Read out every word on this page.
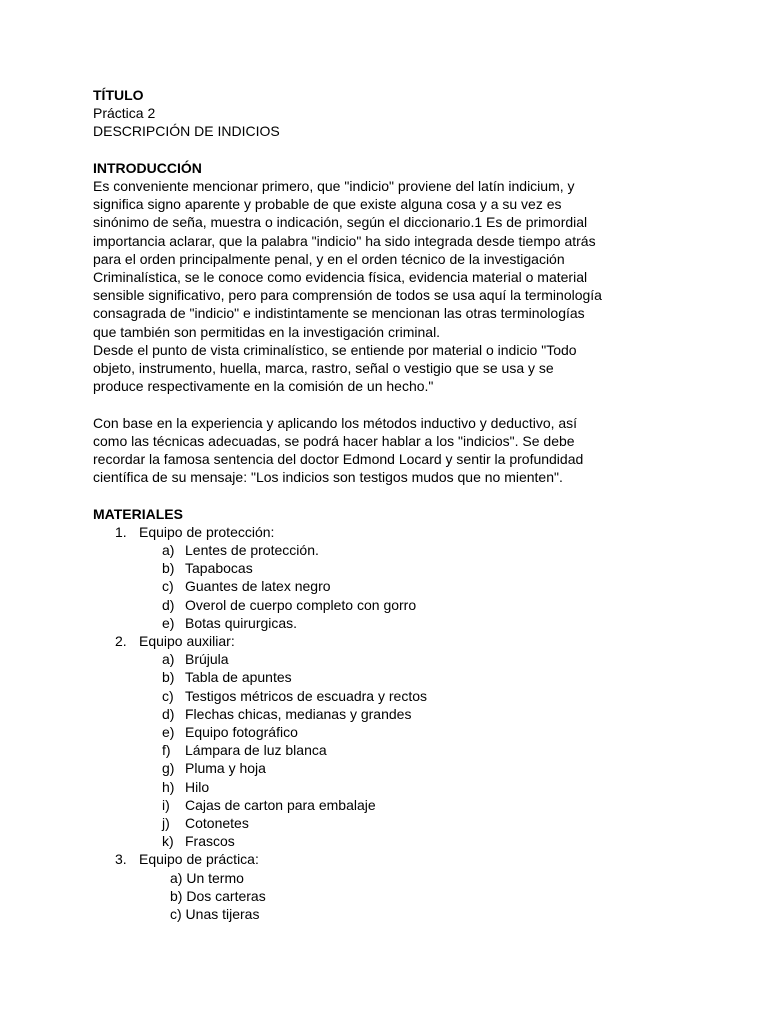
TÍTULO
Práctica 2
DESCRIPCIÓN DE INDICIOS
INTRODUCCIÓN
Es conveniente mencionar primero, que "indicio" proviene del latín indicium, y
significa signo aparente y probable de que existe alguna cosa y a su vez es
sinónimo de seña, muestra o indicación, según el diccionario.1 Es de primordial
importancia aclarar, que la palabra "indicio" ha sido integrada desde tiempo atrás
para el orden principalmente penal, y en el orden técnico de la investigación
Criminalística, se le conoce como evidencia física, evidencia material o material
sensible significativo, pero para comprensión de todos se usa aquí la terminología
consagrada de "indicio" e indistintamente se mencionan las otras terminologías
que también son permitidas en la investigación criminal.
Desde el punto de vista criminalístico, se entiende por material o indicio "Todo
objeto, instrumento, huella, marca, rastro, señal o vestigio que se usa y se
produce respectivamente en la comisión de un hecho."
Con base en la experiencia y aplicando los métodos inductivo y deductivo, así
como las técnicas adecuadas, se podrá hacer hablar a los "indicios". Se debe
recordar la famosa sentencia del doctor Edmond Locard y sentir la profundidad
científica de su mensaje: "Los indicios son testigos mudos que no mienten".
MATERIALES
1. Equipo de protección:
a) Lentes de protección.
b) Tapabocas
c) Guantes de latex negro
d) Overol de cuerpo completo con gorro
e) Botas quirurgicas.
2. Equipo auxiliar:
a) Brújula
b) Tabla de apuntes
c) Testigos métricos de escuadra y rectos
d) Flechas chicas, medianas y grandes
e) Equipo fotográfico
f)	Lámpara de luz blanca
g) Pluma y hoja
h) Hilo
i)	Cajas de carton para embalaje
j)	Cotonetes
k) Frascos
3. Equipo de práctica:
a) Un termo
b) Dos carteras
c) Unas tijeras
